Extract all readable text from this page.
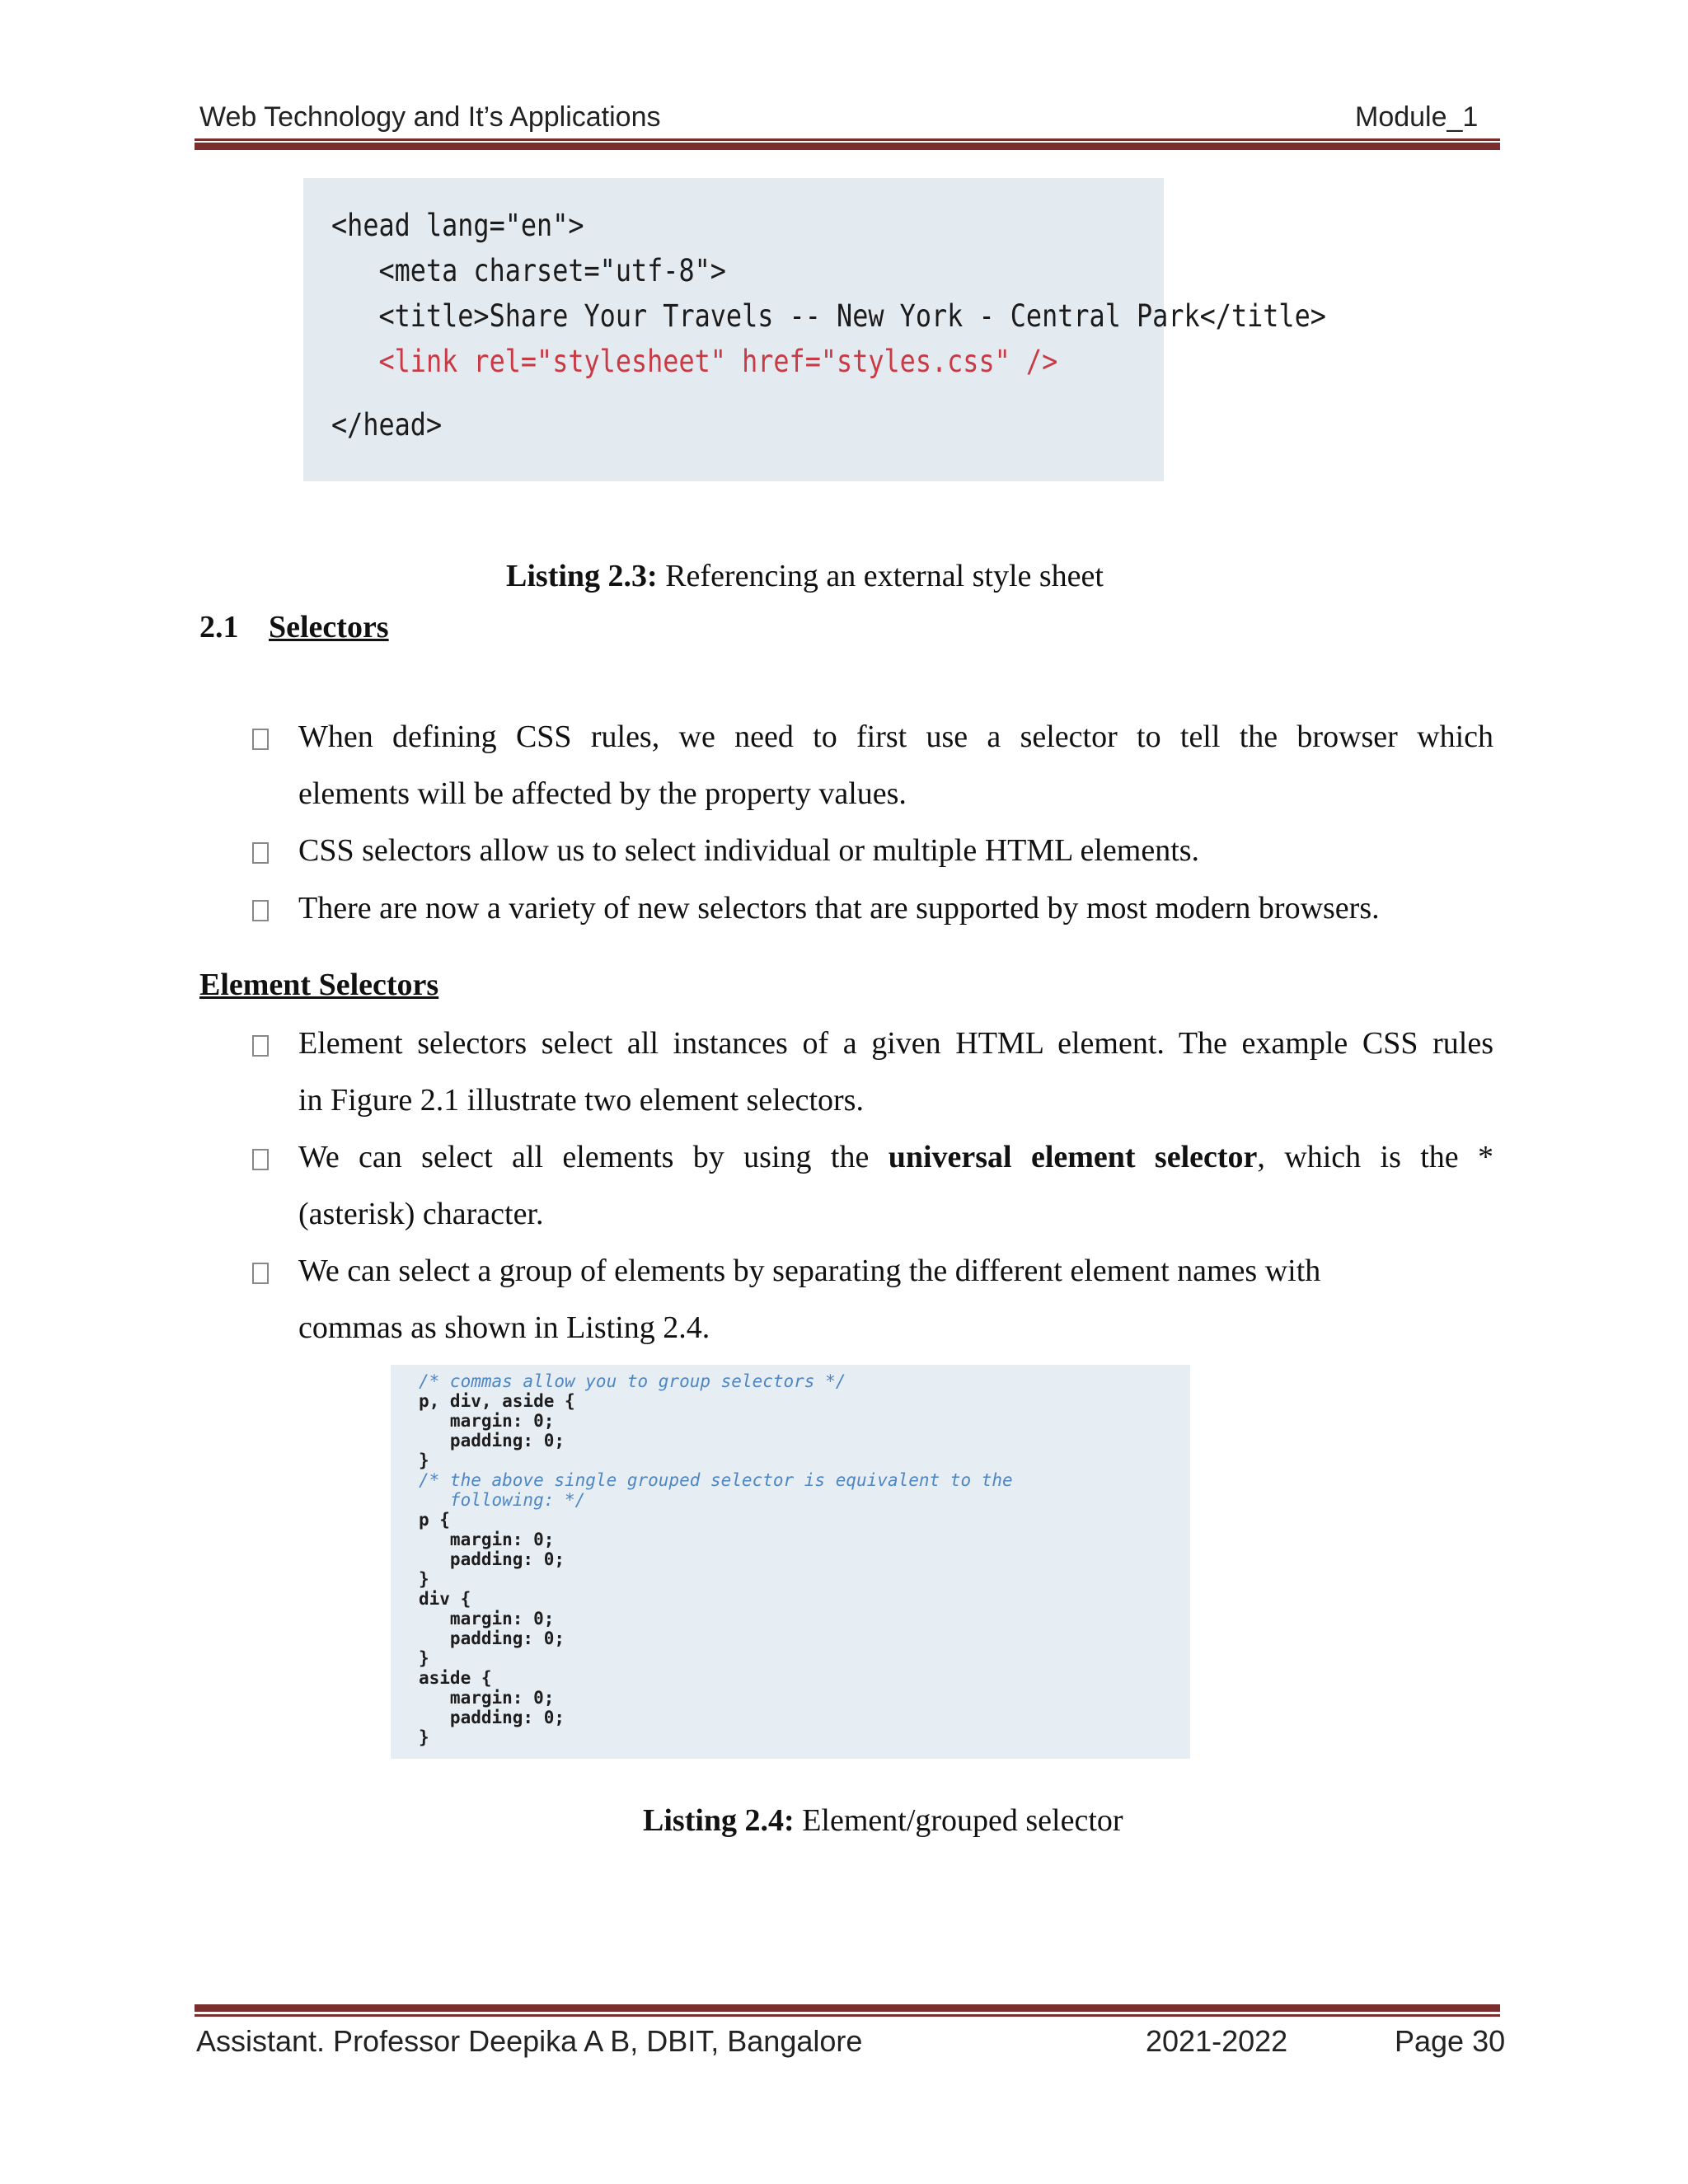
Web Technology and It’s Applications	Module_1
<head lang="en">
<meta charset="utf-8">
<title>Share Your Travels -- New York - Central Park</title>
<link rel="stylesheet" href="styles.css" />
</head>
Listing 2.3: Referencing an external style sheet
2.1 Selectors
When defining CSS rules, we need to first use a selector to tell the browser which
elements will be affected by the property values.
CSS selectors allow us to select individual or multiple HTML elements.
There are now a variety of new selectors that are supported by most modern browsers.
Element Selectors
Element selectors select all instances of a given HTML element. The example CSS rules
in Figure 2.1 illustrate two element selectors.
We can select all elements by using the universal element selector, which is the *
(asterisk) character.
We can select a group of elements by separating the different element names with
commas as shown in Listing 2.4.
/* commas allow you to group selectors */
p, div, aside {
margin: 0;
padding: 0;
}
/* the above single grouped selector is equivalent to the
following: */
p {
margin: 0;
padding: 0;
}
div {
margin: 0;
padding: 0;
}
aside {
margin: 0;
padding: 0;
}
Listing 2.4: Element/grouped selector
Assistant. Professor Deepika A B, DBIT, Bangalore	2021-2022	Page 30
